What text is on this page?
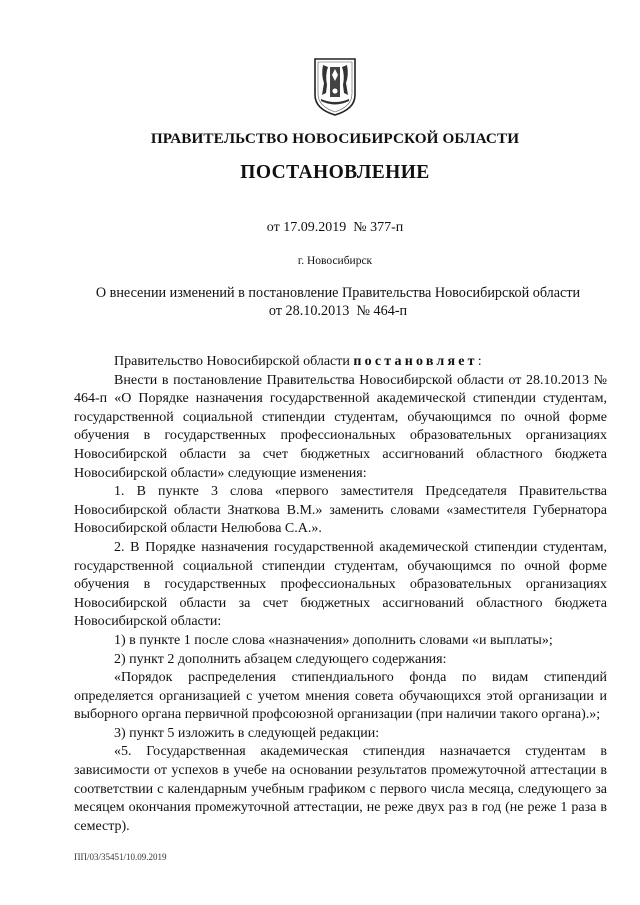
ПРАВИТЕЛЬСТВО НОВОСИБИРСКОЙ ОБЛАСТИ
ПОСТАНОВЛЕНИЕ
от 17.09.2019 № 377-п
г. Новосибирск
О внесении изменений в постановление Правительства Новосибирской области
от 28.10.2013  № 464-п

Правительство Новосибирской области постановляет:

Внести в постановление Правительства Новосибирской области от 28.10.2013 № 464-п «О Порядке назначения государственной академической стипендии студентам, государственной социальной стипендии студентам, обучающимся по очной форме обучения в государственных профессиональных образовательных организациях Новосибирской области за счет бюджетных ассигнований областного бюджета Новосибирской области» следующие изменения:

1. В пункте 3 слова «первого заместителя Председателя Правительства Новосибирской области Знаткова В.М.» заменить словами «заместителя Губернатора Новосибирской области Нелюбова С.А.».

2. В Порядке назначения государственной академической стипендии студентам, государственной социальной стипендии студентам, обучающимся по очной форме обучения в государственных профессиональных образовательных организациях Новосибирской области за счет бюджетных ассигнований областного бюджета Новосибирской области:

1) в пункте 1 после слова «назначения» дополнить словами «и выплаты»;

2) пункт 2 дополнить абзацем следующего содержания:

«Порядок распределения стипендиального фонда по видам стипендий определяется организацией с учетом мнения совета обучающихся этой организации и выборного органа первичной профсоюзной организации (при наличии такого органа).»;

3) пункт 5 изложить в следующей редакции:

«5. Государственная академическая стипендия назначается студентам в зависимости от успехов в учебе на основании результатов промежуточной аттестации в соответствии с календарным учебным графиком с первого числа месяца, следующего за месяцем окончания промежуточной аттестации, не реже двух раз в год (не реже 1 раза в семестр).

ПП/03/35451/10.09.2019
